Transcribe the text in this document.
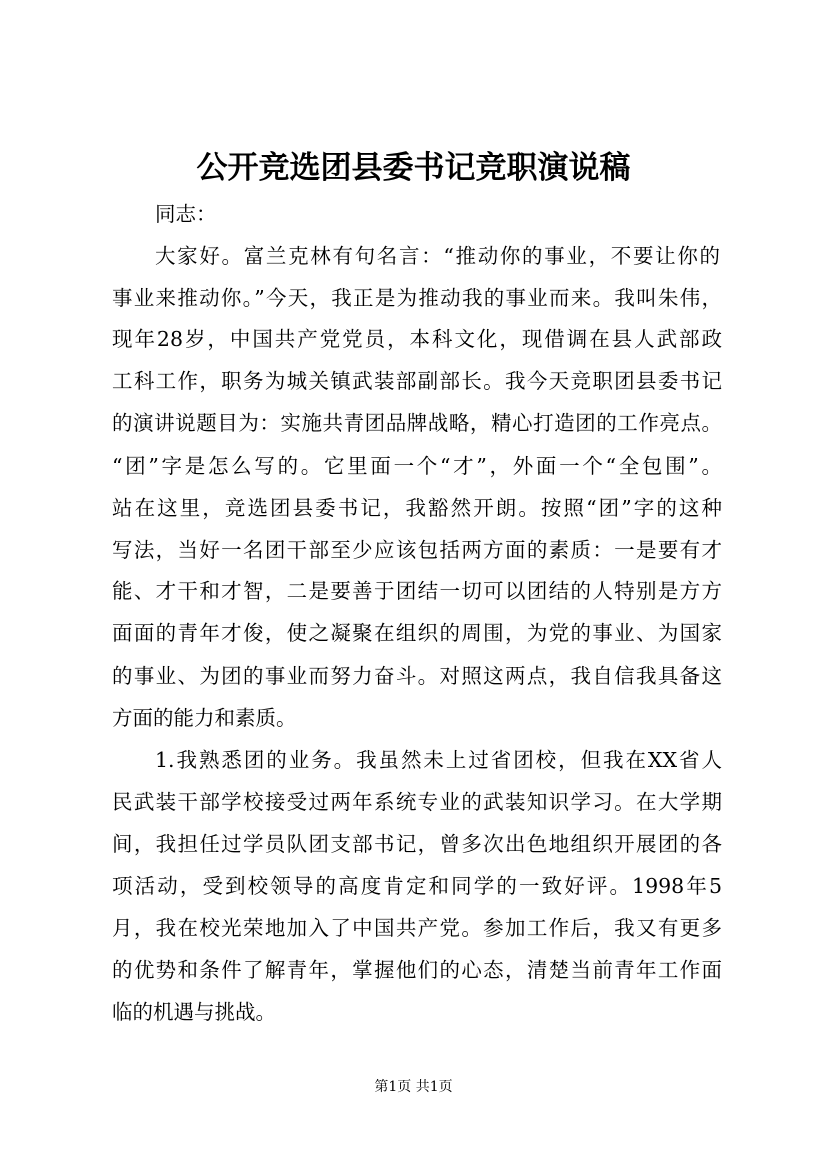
公开竞选团县委书记竞职演说稿
同志：
大家好。富兰克林有句名言：“推动你的事业，不要让你的
事业来推动你。”今天，我正是为推动我的事业而来。我叫朱伟，
现年28岁，中国共产党党员，本科文化，现借调在县人武部政
工科工作，职务为城关镇武装部副部长。我今天竞职团县委书记
的演讲说题目为：实施共青团品牌战略，精心打造团的工作亮点。
“团”字是怎么写的。它里面一个“才”，外面一个“全包围”。
站在这里，竞选团县委书记，我豁然开朗。按照“团”字的这种
写法，当好一名团干部至少应该包括两方面的素质：一是要有才
能、才干和才智，二是要善于团结一切可以团结的人特别是方方
面面的青年才俊，使之凝聚在组织的周围，为党的事业、为国家
的事业、为团的事业而努力奋斗。对照这两点，我自信我具备这
方面的能力和素质。
1.我熟悉团的业务。我虽然未上过省团校，但我在XX省人
民武装干部学校接受过两年系统专业的武装知识学习。在大学期
间，我担任过学员队团支部书记，曾多次出色地组织开展团的各
项活动，受到校领导的高度肯定和同学的一致好评。1998年5
月，我在校光荣地加入了中国共产党。参加工作后，我又有更多
的优势和条件了解青年，掌握他们的心态，清楚当前青年工作面
临的机遇与挑战。
第1页 共1页
